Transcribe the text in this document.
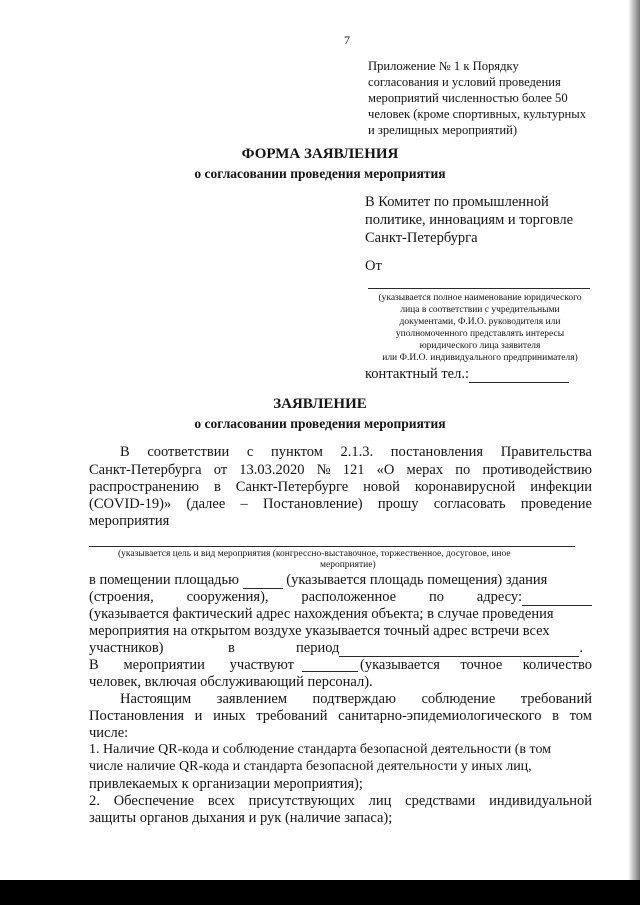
7
Приложение № 1 к Порядку
согласования и условий проведения
мероприятий численностью более 50
человек (кроме спортивных, культурных
и зрелищных мероприятий)
ФОРМА ЗАЯВЛЕНИЯ
о согласовании проведения мероприятия
В Комитет по промышленной
политике, инновациям и торговле
Санкт-Петербурга
От
(указывается полное наименование юридического
лица в соответствии с учредительными
документами, Ф.И.О. руководителя или
уполномоченного представлять интересы
юридического лица заявителя
или Ф.И.О. индивидуального предпринимателя)
контактный тел.:
ЗАЯВЛЕНИЕ
о согласовании проведения мероприятия
В соответствии с пунктом 2.1.3. постановления Правительства
Санкт-Петербурга от 13.03.2020 № 121 «О мерах по противодействию
распространению в Санкт-Петербурге новой коронавирусной инфекции
(COVID-19)» (далее – Постановление) прошу согласовать проведение
мероприятия
(указывается цель и вид мероприятия (конгрессно-выставочное, торжественное, досуговое, иное
мероприятие)
в помещении площадью	(указывается площадь помещения) здания
(строения, сооружения), расположенное по адресу:
(указывается фактический адрес нахождения объекта; в случае проведения
мероприятия на открытом воздухе указывается точный адрес встречи всех
участников)	в	период	.
В мероприятии участвуют	(указывается точное количество
человек, включая обслуживающий персонал).
Настоящим заявлением подтверждаю соблюдение требований
Постановления и иных требований санитарно-эпидемиологического в том
числе:
1. Наличие QR-кода и соблюдение стандарта безопасной деятельности (в том
числе наличие QR-кода и стандарта безопасной деятельности у иных лиц,
привлекаемых к организации мероприятия);
2. Обеспечение всех присутствующих лиц средствами индивидуальной
защиты органов дыхания и рук (наличие запаса);
